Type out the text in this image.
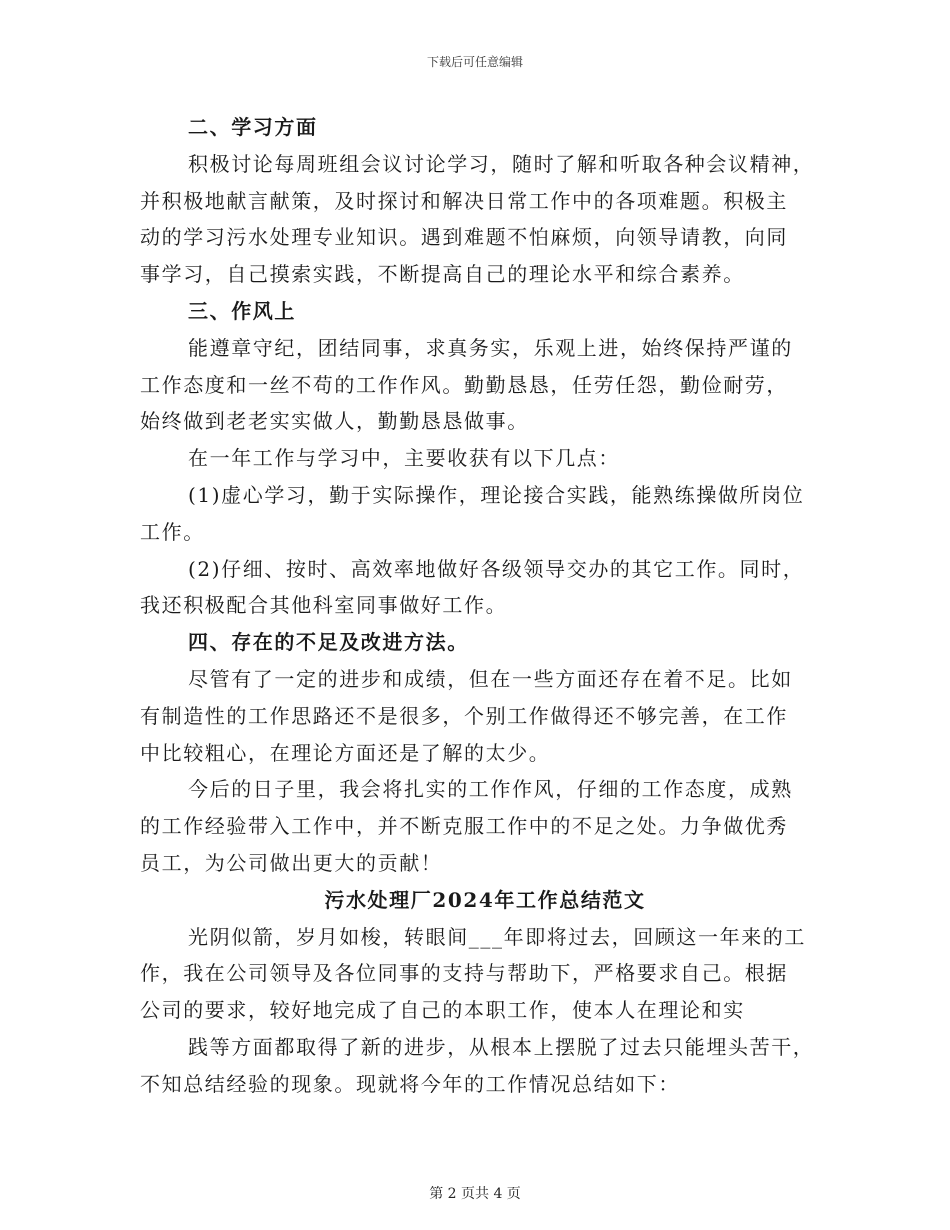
下载后可任意编辑
二、学习方面
积极讨论每周班组会议讨论学习，随时了解和听取各种会议精神，
并积极地献言献策，及时探讨和解决日常工作中的各项难题。积极主
动的学习污水处理专业知识。遇到难题不怕麻烦，向领导请教，向同
事学习，自己摸索实践，不断提高自己的理论水平和综合素养。
三、作风上
能遵章守纪，团结同事，求真务实，乐观上进，始终保持严谨的
工作态度和一丝不苟的工作作风。勤勤恳恳，任劳任怨，勤俭耐劳，
始终做到老老实实做人，勤勤恳恳做事。
在一年工作与学习中，主要收获有以下几点：
(1)虚心学习，勤于实际操作，理论接合实践，能熟练操做所岗位
工作。
(2)仔细、按时、高效率地做好各级领导交办的其它工作。同时，
我还积极配合其他科室同事做好工作。
四、存在的不足及改进方法。
尽管有了一定的进步和成绩，但在一些方面还存在着不足。比如
有制造性的工作思路还不是很多，个别工作做得还不够完善，在工作
中比较粗心，在理论方面还是了解的太少。
今后的日子里，我会将扎实的工作作风，仔细的工作态度，成熟
的工作经验带入工作中，并不断克服工作中的不足之处。力争做优秀
员工，为公司做出更大的贡献！
污水处理厂2024年工作总结范文
光阴似箭，岁月如梭，转眼间___年即将过去，回顾这一年来的工
作，我在公司领导及各位同事的支持与帮助下，严格要求自己。根据
公司的要求，较好地完成了自己的本职工作，使本人在理论和实
践等方面都取得了新的进步，从根本上摆脱了过去只能埋头苦干，
不知总结经验的现象。现就将今年的工作情况总结如下：
第 2 页共 4 页
